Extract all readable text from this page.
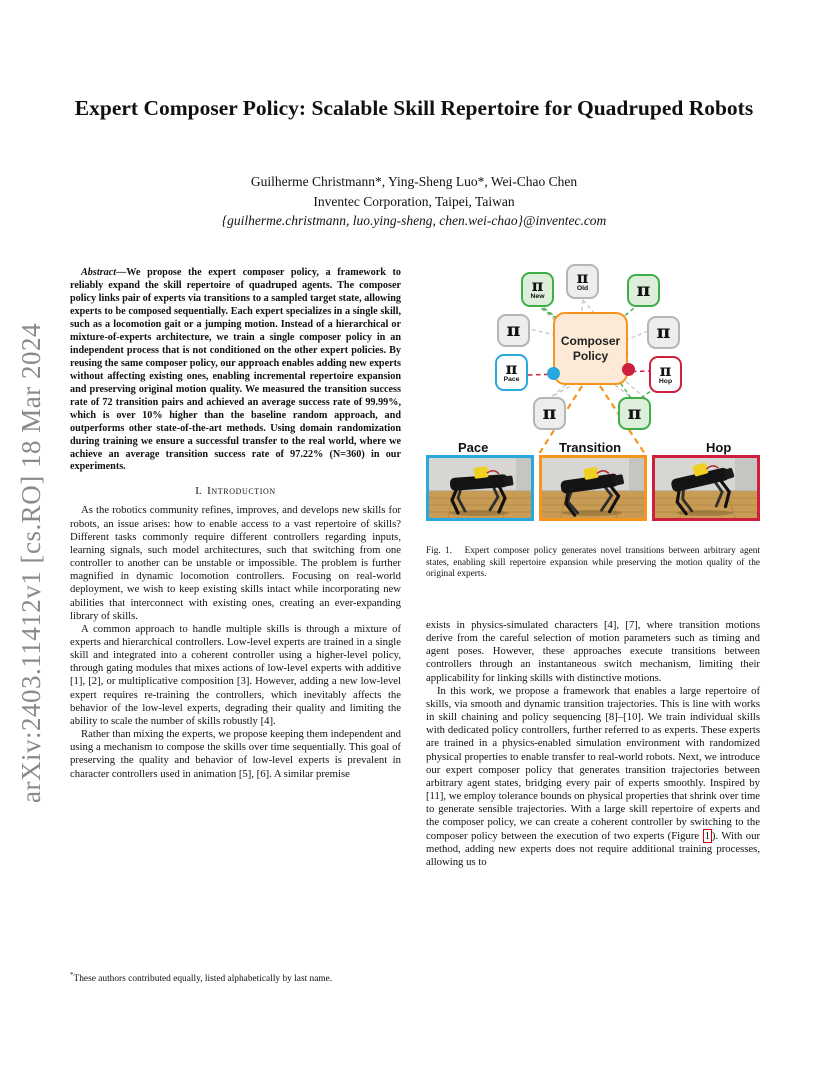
arXiv:2403.11412v1 [cs.RO] 18 Mar 2024
Expert Composer Policy: Scalable Skill Repertoire for Quadruped Robots
Guilherme Christmann*, Ying-Sheng Luo*, Wei-Chao Chen
Inventec Corporation, Taipei, Taiwan
{guilherme.christmann, luo.ying-sheng, chen.wei-chao}@inventec.com

Abstract—We propose the expert composer policy, a framework to reliably expand the skill repertoire of quadruped agents. The composer policy links pair of experts via transitions to a sampled target state, allowing experts to be composed sequentially. Each expert specializes in a single skill, such as a locomotion gait or a jumping motion. Instead of a hierarchical or mixture-of-experts architecture, we train a single composer policy in an independent process that is not conditioned on the other expert policies. By reusing the same composer policy, our approach enables adding new experts without affecting existing ones, enabling incremental repertoire expansion and preserving original motion quality. We measured the transition success rate of 72 transition pairs and achieved an average success rate of 99.99%, which is over 10% higher than the baseline random approach, and outperforms other state-of-the-art methods. Using domain randomization during training we ensure a successful transfer to the real world, where we achieve an average transition success rate of 97.22% (N=360) in our experiments.

I. Introduction

As the robotics community refines, improves, and develops new skills for robots, an issue arises: how to enable access to a vast repertoire of skills? Different tasks commonly require different controllers regarding inputs, learning signals, such model architectures, such that switching from one controller to another can be unstable or impossible. The problem is further magnified in dynamic locomotion controllers. Focusing on real-world deployment, we wish to keep existing skills intact while incorporating new abilities that interconnect with existing ones, creating an ever-expanding library of skills.

A common approach to handle multiple skills is through a mixture of experts and hierarchical controllers. Low-level experts are trained in a single skill and integrated into a coherent controller using a higher-level policy, through gating modules that mixes actions of low-level experts with additive [1], [2], or multiplicative composition [3]. However, adding a new low-level expert requires re-training the controllers, which inevitably affects the behavior of the low-level experts, degrading their quality and limiting the ability to scale the number of skills robustly [4].

Rather than mixing the experts, we propose keeping them independent and using a mechanism to compose the skills over time sequentially. This goal of preserving the quality and behavior of low-level experts is prevalent in character controllers used in animation [5], [6]. A similar premise

*These authors contributed equally, listed alphabetically by last name.
Composer Policy
π
New
π
Old	π
π	π
π
Pace	π
Hop
π	π
Pace	Transition	Hop

Fig. 1. Expert composer policy generates novel transitions between arbitrary agent states, enabling skill repertoire expansion while preserving the motion quality of the original experts.

exists in physics-simulated characters [4], [7], where transition motions derive from the careful selection of motion parameters such as timing and agent poses. However, these approaches execute transitions between controllers through an instantaneous switch mechanism, limiting their applicability for linking skills with distinctive motions.

In this work, we propose a framework that enables a large repertoire of skills, via smooth and dynamic transition trajectories. This is line with works in skill chaining and policy sequencing [8]–[10]. We train individual skills with dedicated policy controllers, further referred to as experts. These experts are trained in a physics-enabled simulation environment with randomized physical properties to enable transfer to real-world robots. Next, we introduce our expert composer policy that generates transition trajectories between arbitrary agent states, bridging every pair of experts smoothly. Inspired by [11], we employ tolerance bounds on physical properties that shrink over time to generate sensible trajectories. With a large skill repertoire of experts and the composer policy, we can create a coherent controller by switching to the composer policy between the execution of two experts (Figure 1 ). With our method, adding new experts does not require additional training processes, allowing us to
